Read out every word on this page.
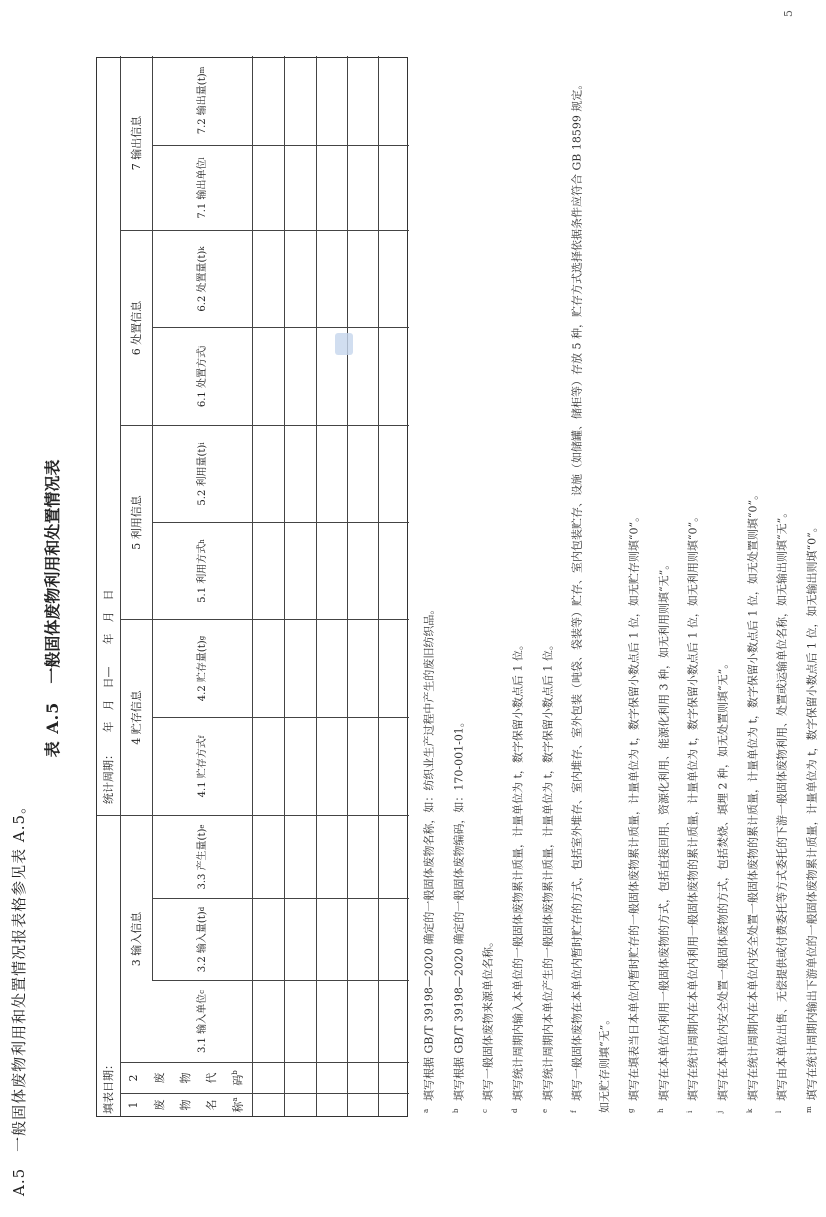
A.5一般固体废物利用和处置情况报表格参见表 A.5。
表 A.5一般固体废物利用和处置情况表
填表日期：
统计周期：　　年　月　日—　　年　月　日
1 废 物 名 称$^a$
2 废 物 代 码$^b$
3 输入信息
4 贮存信息
5 利用信息
6 处置信息
7 输出信息
3.1 输入单位
c
3.2 输入量(t)
d
3.3 产生量(t)
e
4.1 贮存方式
f
4.2 贮存量(t)
g
5.1 利用方式
h
5.2 利用量(t)
i
6.1 处置方式
j
6.2 处置量(t)
k
7.1 输出单位
l
7.2 输出量(t)
m
a填写根据 GB/T 39198—2020 确定的一般固体废物名称，如：纺织业生产过程中产生的废旧纺织品。
b填写根据 GB/T 39198—2020 确定的一般固体废物编码，如：170-001-01。
c填写一般固体废物来源单位名称。
d填写统计周期内输入本单位的一般固体废物累计质量，计量单位为 t，数字保留小数点后 1 位。
e填写统计周期内本单位产生的一般固体废物累计质量，计量单位为 t，数字保留小数点后 1 位。
f填写一般固体废物在本单位内暂时贮存的方式，包括室外堆存、室内堆存、室外包装（吨袋、袋装等）贮存、室内包装贮存、设施（如储罐、储柜等）存放 5 种，贮存方式选择依据条件应符合 GB 18599 规定。如无贮存则填“无”。	g填写在填表当日本单位内暂时贮存的一般固体废物累计质量，计量单位为 t，数字保留小数点后 1 位，如无贮存则填“0”。
h填写在本单位内利用一般固体废物的方式，包括直接回用、资源化利用、能源化利用 3 种，如无利用则填“无”。
i填写在统计周期内在本单位内利用一般固体废物的累计质量，计量单位为 t，数字保留小数点后 1 位，如无利用则填“0”。
j填写在本单位内安全处置一般固体废物的方式，包括焚烧、填埋 2 种，如无处置则填“无”。
k填写在统计周期内在本单位内安全处置一般固体废物的累计质量，计量单位为 t，数字保留小数点后 1 位，如无处置则填“0”。
l填写由本单位出售、无偿提供或付费委托等方式委托的下游一般固体废物利用、处置或运输单位名称，如无输出则填“无”。
m填写在统计周期内输出下游单位的一般固体废物累计质量，计量单位为 t，数字保留小数点后 1 位，如无输出则填“0”。
5
